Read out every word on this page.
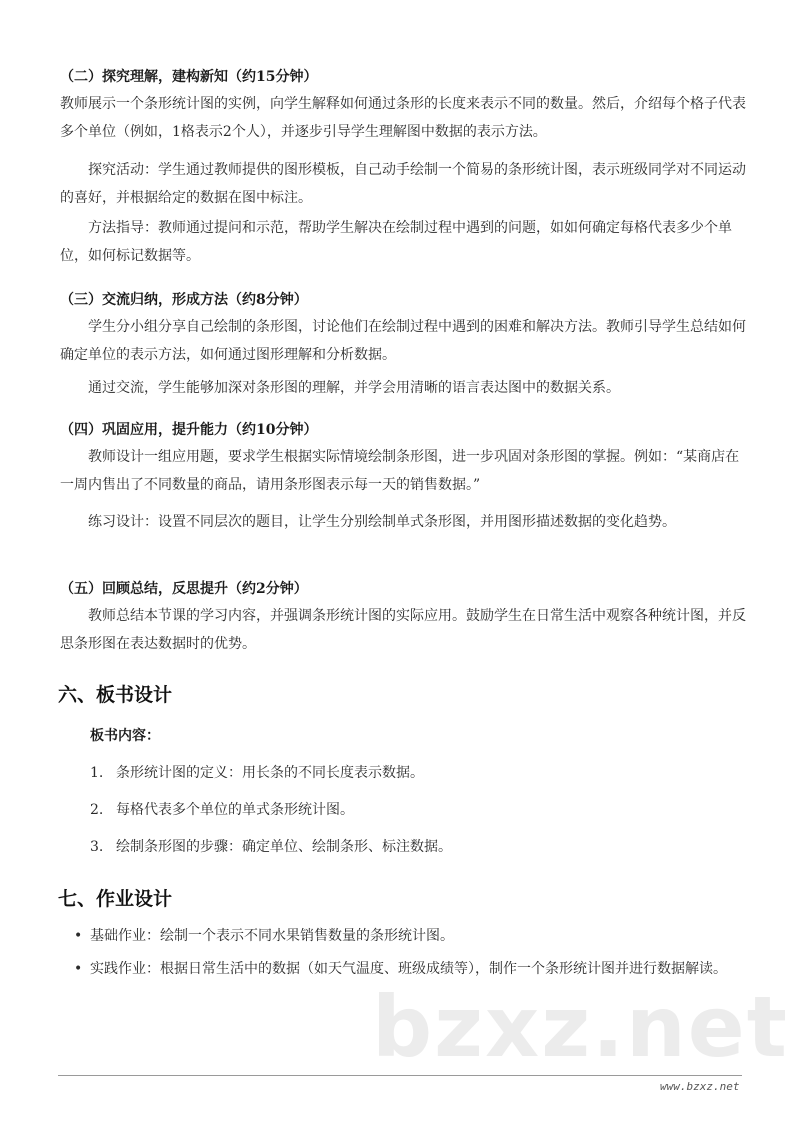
（二）探究理解，建构新知（约15分钟）

教师展示一个条形统计图的实例，向学生解释如何通过条形的长度来表示不同的数量。然后，介绍每个格子代表多个单位（例如，1格表示2个人），并逐步引导学生理解图中数据的表示方法。

探究活动：学生通过教师提供的图形模板，自己动手绘制一个简易的条形统计图，表示班级同学对不同运动的喜好，并根据给定的数据在图中标注。

方法指导：教师通过提问和示范，帮助学生解决在绘制过程中遇到的问题，如如何确定每格代表多少个单位，如何标记数据等。

（三）交流归纳，形成方法（约8分钟）

学生分小组分享自己绘制的条形图，讨论他们在绘制过程中遇到的困难和解决方法。教师引导学生总结如何确定单位的表示方法，如何通过图形理解和分析数据。

通过交流，学生能够加深对条形图的理解，并学会用清晰的语言表达图中的数据关系。

（四）巩固应用，提升能力（约10分钟）

教师设计一组应用题，要求学生根据实际情境绘制条形图，进一步巩固对条形图的掌握。例如：“某商店在一周内售出了不同数量的商品，请用条形图表示每一天的销售数据。”

练习设计：设置不同层次的题目，让学生分别绘制单式条形图，并用图形描述数据的变化趋势。

（五）回顾总结，反思提升（约2分钟）

教师总结本节课的学习内容，并强调条形统计图的实际应用。鼓励学生在日常生活中观察各种统计图，并反思条形图在表达数据时的优势。

六、板书设计
板书内容：
1. 条形统计图的定义：用长条的不同长度表示数据。
2. 每格代表多个单位的单式条形统计图。
3. 绘制条形图的步骤：确定单位、绘制条形、标注数据。
七、作业设计
• 基础作业：绘制一个表示不同水果销售数量的条形统计图。
• 实践作业：根据日常生活中的数据（如天气温度、班级成绩等），制作一个条形统计图并进行数据解读。
bzxz.net
www.bzxz.net
